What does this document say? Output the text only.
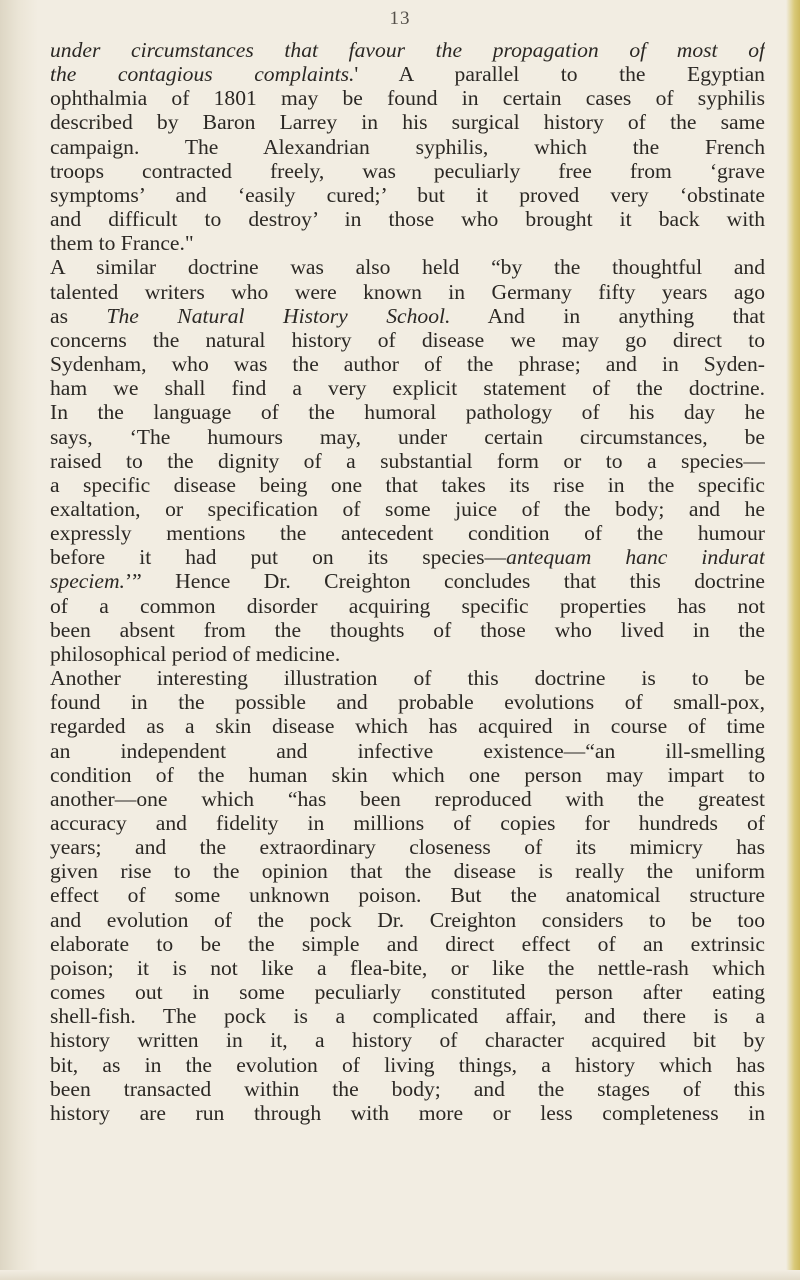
13
under circumstances that favour the propagation of most of
the contagious complaints.' A parallel to the Egyptian
ophthalmia of 1801 may be found in certain cases of syphilis
described by Baron Larrey in his surgical history of the same
campaign. The Alexandrian syphilis, which the French
troops contracted freely, was peculiarly free from ‘grave
symptoms’ and ‘easily cured;’ but it proved very ‘obstinate
and difficult to destroy’ in those who brought it back with
them to France."
A similar doctrine was also held “by the thoughtful and
talented writers who were known in Germany fifty years ago
as The Natural History School. And in anything that
concerns the natural history of disease we may go direct to
Sydenham, who was the author of the phrase; and in Syden-
ham we shall find a very explicit statement of the doctrine.
In the language of the humoral pathology of his day he
says, ‘The humours may, under certain circumstances, be
raised to the dignity of a substantial form or to a species—
a specific disease being one that takes its rise in the specific
exaltation, or specification of some juice of the body; and he
expressly mentions the antecedent condition of the humour
before it had put on its species—antequam hanc indurat
speciem.’” Hence Dr. Creighton concludes that this doctrine
of a common disorder acquiring specific properties has not
been absent from the thoughts of those who lived in the
philosophical period of medicine.
Another interesting illustration of this doctrine is to be
found in the possible and probable evolutions of small-pox,
regarded as a skin disease which has acquired in course of time
an independent and infective existence—“an ill-smelling
condition of the human skin which one person may impart to
another—one which “has been reproduced with the greatest
accuracy and fidelity in millions of copies for hundreds of
years; and the extraordinary closeness of its mimicry has
given rise to the opinion that the disease is really the uniform
effect of some unknown poison. But the anatomical structure
and evolution of the pock Dr. Creighton considers to be too
elaborate to be the simple and direct effect of an extrinsic
poison; it is not like a flea-bite, or like the nettle-rash which
comes out in some peculiarly constituted person after eating
shell-fish. The pock is a complicated affair, and there is a
history written in it, a history of character acquired bit by
bit, as in the evolution of living things, a history which has
been transacted within the body; and the stages of this
history are run through with more or less completeness in
